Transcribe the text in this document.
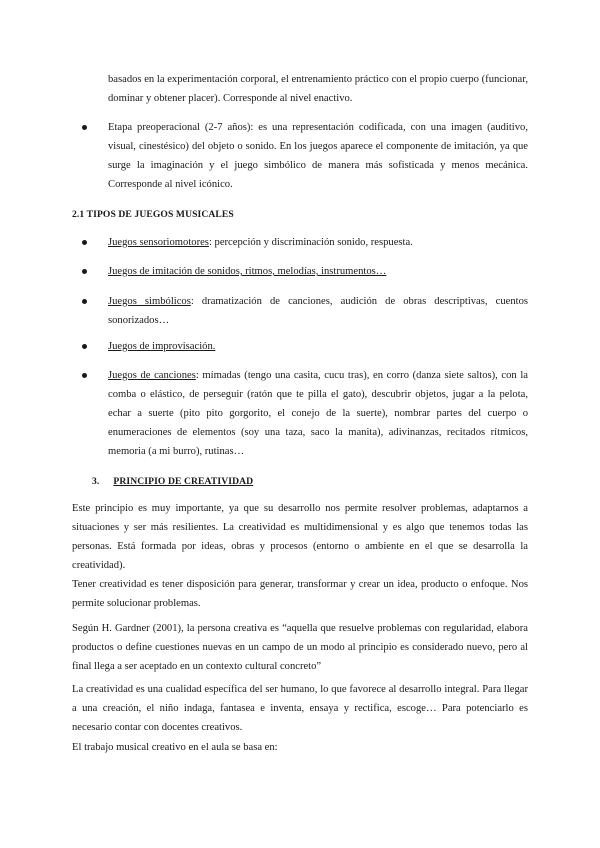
basados en la experimentación corporal, el entrenamiento práctico con el propio cuerpo (funcionar, dominar y obtener placer). Corresponde al nivel enactivo.

Etapa preoperacional (2-7 años): es una representación codificada, con una imagen (auditivo, visual, cinestésico) del objeto o sonido. En los juegos aparece el componente de imitación, ya que surge la imaginación y el juego simbólico de manera más sofisticada y menos mecánica. Corresponde al nivel icónico.

2.1 TIPOS DE JUEGOS MUSICALES

Juegos sensoriomotores: percepción y discriminación sonido, respuesta.

Juegos de imitación de sonidos, ritmos, melodías, instrumentos…

Juegos simbólicos: dramatización de canciones, audición de obras descriptivas, cuentos sonorizados…

Juegos de improvisación.

Juegos de canciones: mímadas (tengo una casita, cucu tras), en corro (danza siete saltos), con la comba o elástico, de perseguir (ratón que te pilla el gato), descubrir objetos, jugar a la pelota, echar a suerte (pito pito gorgorito, el conejo de la suerte), nombrar partes del cuerpo o enumeraciones de elementos (soy una taza, saco la manita), adivinanzas, recitados rítmicos, memoria (a mi burro), rutinas…

3. PRINCIPIO DE CREATIVIDAD

Este principio es muy importante, ya que su desarrollo nos permite resolver problemas, adaptarnos a situaciones y ser más resilientes. La creatividad es multidimensional y es algo que tenemos todas las personas. Está formada por ideas, obras y procesos (entorno o ambiente en el que se desarrolla la creatividad).

Tener creatividad es tener disposición para generar, transformar y crear un idea, producto o enfoque. Nos permite solucionar problemas.

Según H. Gardner (2001), la persona creativa es “aquella que resuelve problemas con regularidad, elabora productos o define cuestiones nuevas en un campo de un modo al principio es considerado nuevo, pero al final llega a ser aceptado en un contexto cultural concreto”

La creatividad es una cualidad específica del ser humano, lo que favorece al desarrollo integral. Para llegar a una creación, el niño indaga, fantasea e inventa, ensaya y rectifica, escoge… Para potenciarlo es necesario contar con docentes creativos.

El trabajo musical creativo en el aula se basa en:
